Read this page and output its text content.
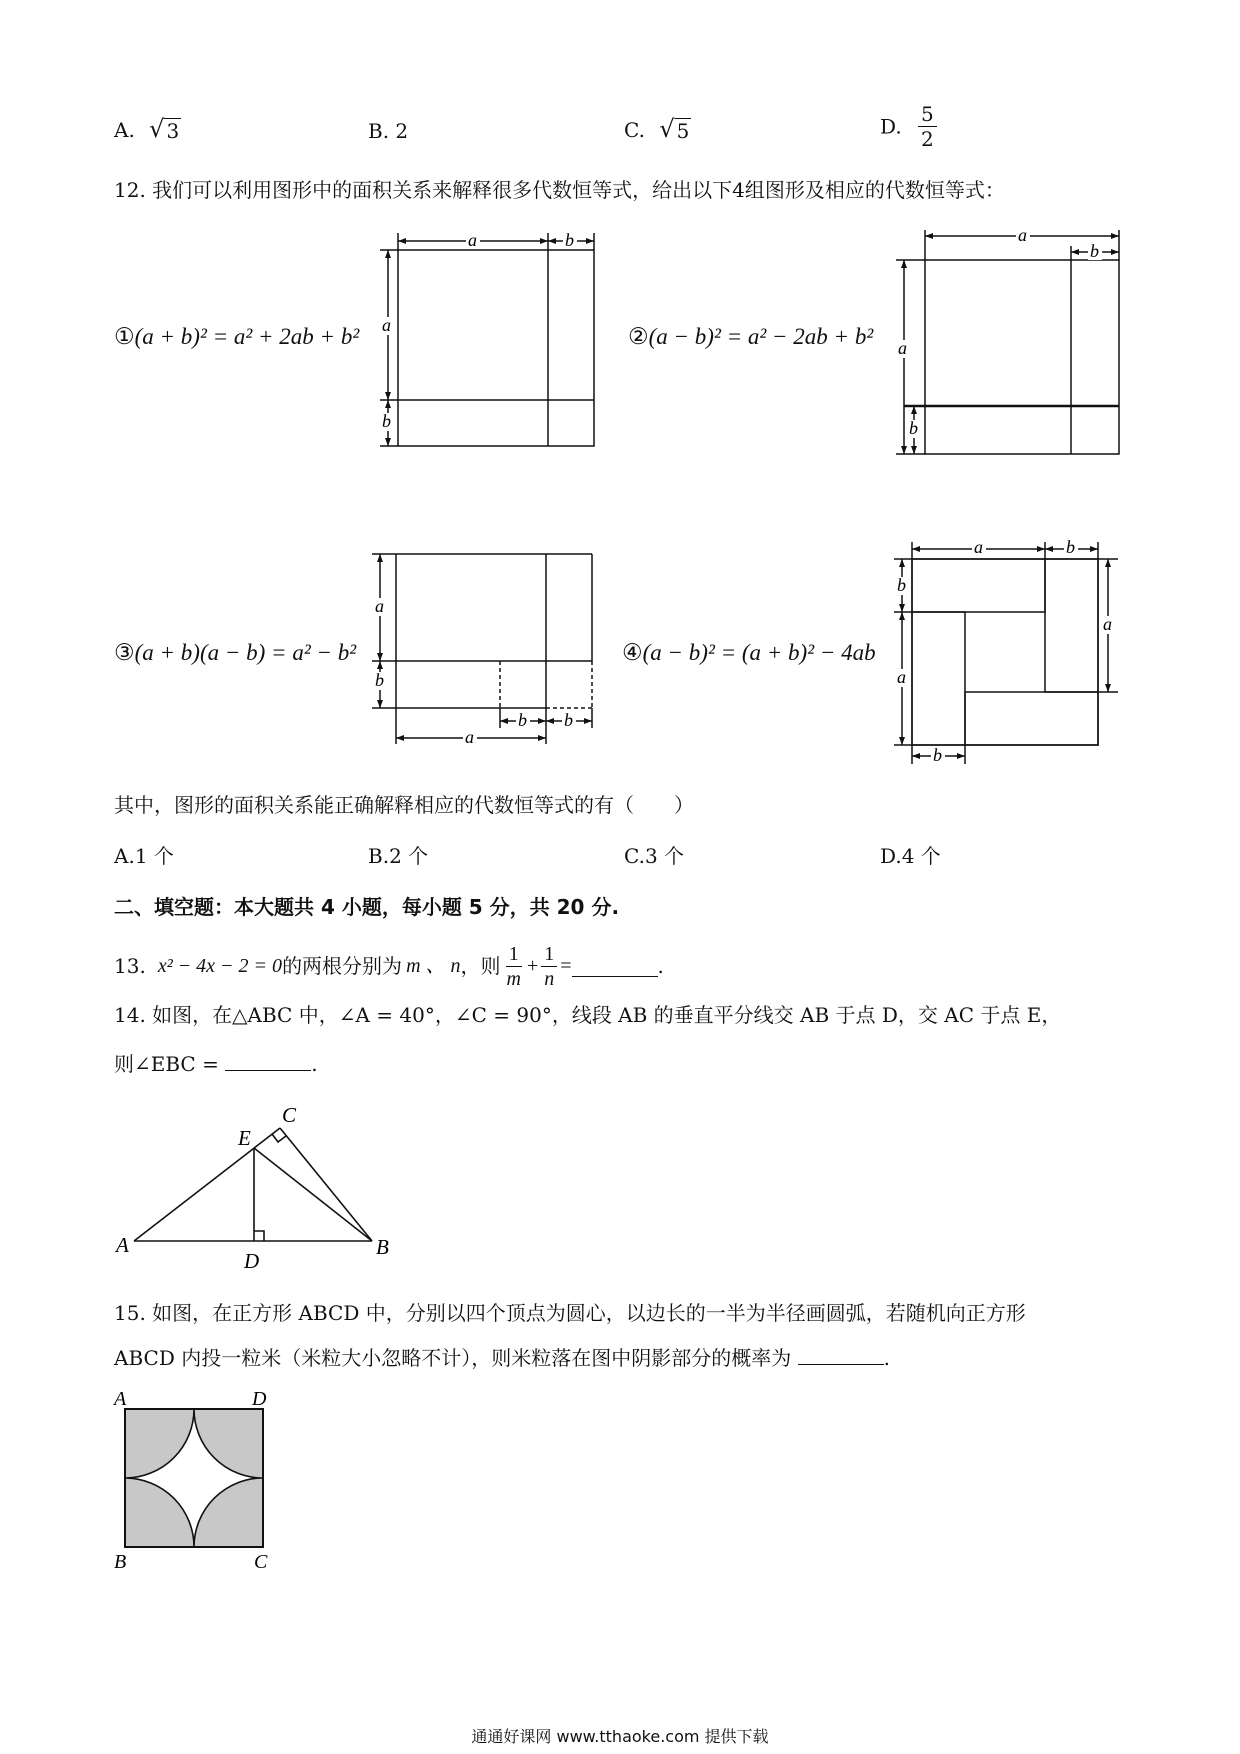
A. √ 3	B. 2	C. √ 5	D. $\frac{5}{2}$
12. 我们可以利用图形中的面积关系来解释很多代数恒等式，给出以下4组图形及相应的代数恒等式：
①(a + b)² = a² + 2ab + b²
a	b
a
b
②(a − b)² = a² − 2ab + b²
a
b
a
b
③(a + b)(a − b) = a² − b²
a
b
a
b b
④(a − b)² = (a + b)² − 4ab
a	b
b
a
a
b
其中，图形的面积关系能正确解释相应的代数恒等式的有（　　）
A.1 个	B.2 个	C.3 个	D.4 个
二、填空题：本大题共 4 小题，每小题 5 分，共 20 分.
13. x² − 4x − 2 = 0 的两根分别为 m 、 n ，则 $\frac{1}{m} + \frac{1}{n}$ =	.
14. 如图，在△ABC 中，∠A = 40°，∠C = 90°，线段 AB 的垂直平分线交 AB 于点 D，交 AC 于点 E，
则∠EBC =	.
A	B
C
D
E
15. 如图，在正方形 ABCD 中，分别以四个顶点为圆心，以边长的一半为半径画圆弧，若随机向正方形
ABCD 内投一粒米（米粒大小忽略不计），则米粒落在图中阴影部分的概率为	.
A	D
B	C
通通好课网 www.tthaoke.com 提供下载
